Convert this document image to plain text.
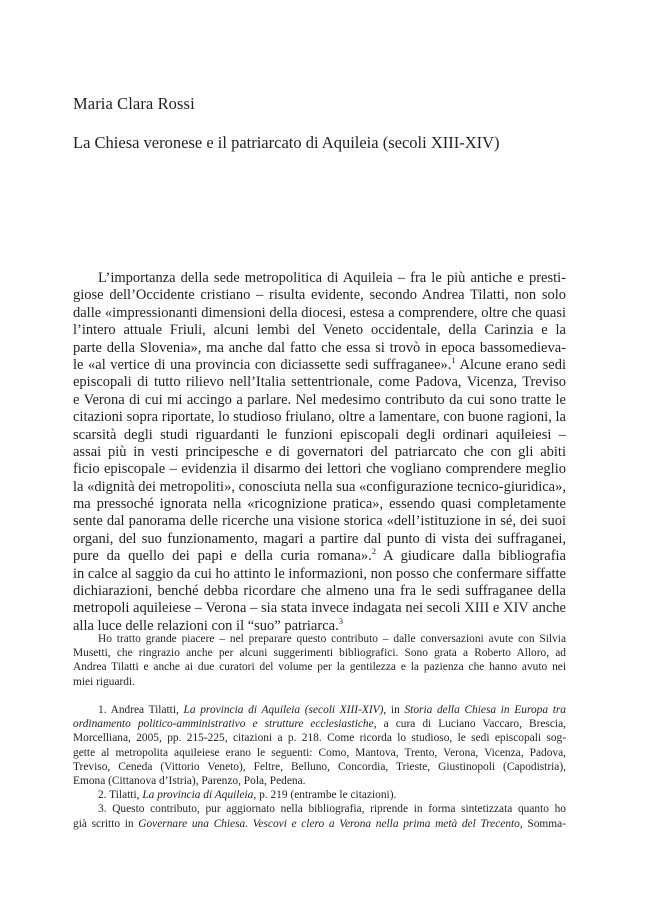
Maria Clara Rossi
La Chiesa veronese e il patriarcato di Aquileia (secoli XIII-XIV)
L’importanza della sede metropolitica di Aquileia – fra le più antiche e presti-
giose dell’Occidente cristiano – risulta evidente, secondo Andrea Tilatti, non solo
dalle «impressionanti dimensioni della diocesi, estesa a comprendere, oltre che quasi
l’intero attuale Friuli, alcuni lembi del Veneto occidentale, della Carinzia e la
parte della Slovenia», ma anche dal fatto che essa si trovò in epoca bassomedieva-
le «al vertice di una provincia con diciassette sedi suffraganee».$^1$ Alcune erano sedi
episcopali di tutto rilievo nell’Italia settentrionale, come Padova, Vicenza, Treviso
e Verona di cui mi accingo a parlare. Nel medesimo contributo da cui sono tratte le
citazioni sopra riportate, lo studioso friulano, oltre a lamentare, con buone ragioni, la
scarsità degli studi riguardanti le funzioni episcopali degli ordinari aquileiesi –
assai più in vesti principesche e di governatori del patriarcato che con gli abiti
ficio episcopale – evidenzia il disarmo dei lettori che vogliano comprendere meglio
la «dignità dei metropoliti», conosciuta nella sua «configurazione tecnico-giuridica»,
ma pressoché ignorata nella «ricognizione pratica», essendo quasi completamente
sente dal panorama delle ricerche una visione storica «dell’istituzione in sé, dei suoi
organi, del suo funzionamento, magari a partire dal punto di vista dei suffraganei,
pure da quello dei papi e della curia romana».$^2$ A giudicare dalla bibliografia
in calce al saggio da cui ho attinto le informazioni, non posso che confermare siffatte
dichiarazioni, benché debba ricordare che almeno una fra le sedi suffraganee della
metropoli aquileiese – Verona – sia stata invece indagata nei secoli XIII e XIV anche
alla luce delle relazioni con il “suo” patriarca.$^3$
Ho tratto grande piacere – nel preparare questo contributo – dalle conversazioni avute con Silvia
Musetti, che ringrazio anche per alcuni suggerimenti bibliografici. Sono grata a Roberto Alloro, ad
Andrea Tilatti e anche ai due curatori del volume per la gentilezza e la pazienza che hanno avuto nei
miei riguardi.
1. Andrea Tilatti, La provincia di Aquileia (secoli XIII-XIV), in Storia della Chiesa in Europa tra
ordinamento politico-amministrativo e strutture ecclesiastiche, a cura di Luciano Vaccaro, Brescia,
Morcelliana, 2005, pp. 215-225, citazioni a p. 218. Come ricorda lo studioso, le sedi episcopali sog-
gette al metropolita aquileiese erano le seguenti: Como, Mantova, Trento, Verona, Vicenza, Padova,
Treviso, Ceneda (Vittorio Veneto), Feltre, Belluno, Concordia, Trieste, Giustinopoli (Capodistria),
Emona (Cittanova d’Istria), Parenzo, Pola, Pedena.
2. Tilatti, La provincia di Aquileia, p. 219 (entrambe le citazioni).
3. Questo contributo, pur aggiornato nella bibliografia, riprende in forma sintetizzata quanto ho
già scritto in Governare una Chiesa. Vescovi e clero a Verona nella prima metà del Trecento, Somma-
